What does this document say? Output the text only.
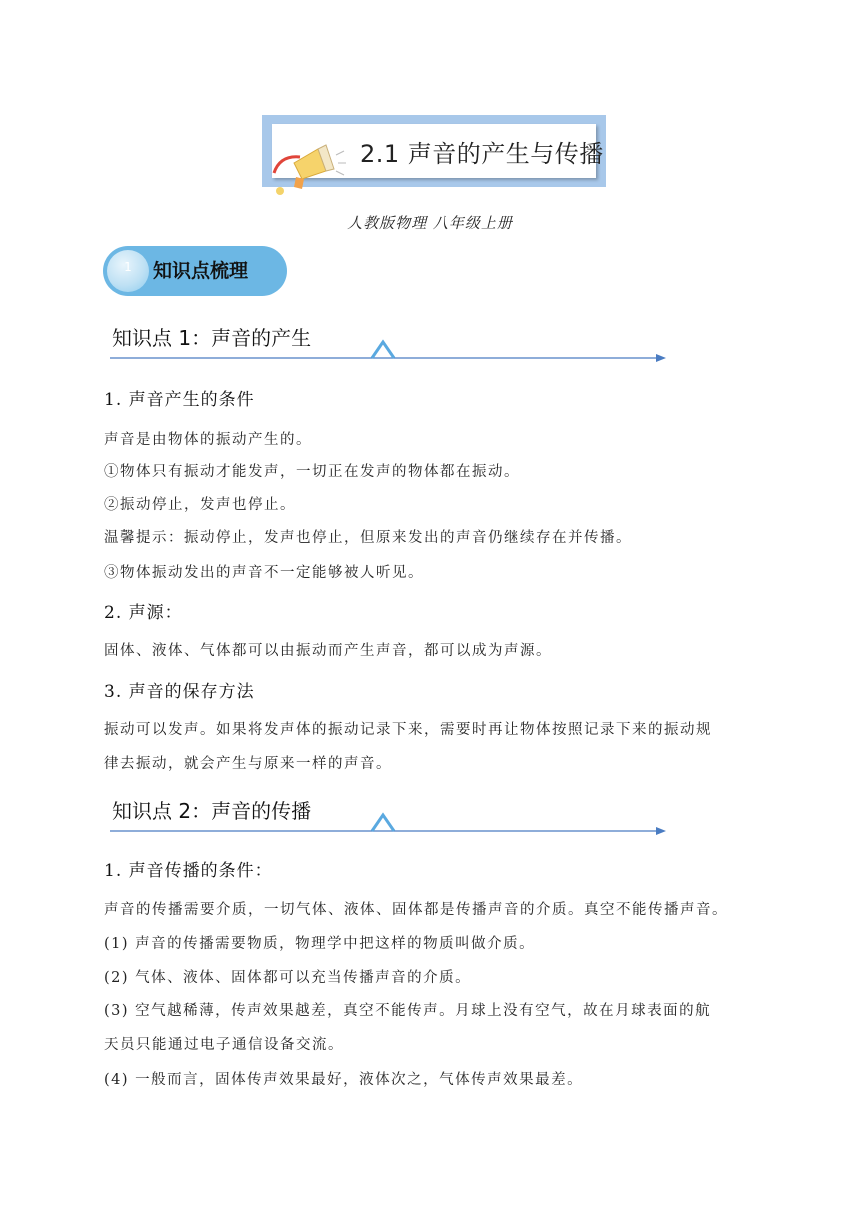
2.1 声音的产生与传播
人教版物理 八年级上册
1	知识点梳理
知识点 1：声音的产生
1. 声音产生的条件
声音是由物体的振动产生的。
①物体只有振动才能发声，一切正在发声的物体都在振动。
②振动停止，发声也停止。
温馨提示：振动停止，发声也停止，但原来发出的声音仍继续存在并传播。
③物体振动发出的声音不一定能够被人听见。
2. 声源：
固体、液体、气体都可以由振动而产生声音，都可以成为声源。
3. 声音的保存方法
振动可以发声。如果将发声体的振动记录下来，需要时再让物体按照记录下来的振动规
律去振动，就会产生与原来一样的声音。
知识点 2：声音的传播
1. 声音传播的条件：
声音的传播需要介质，一切气体、液体、固体都是传播声音的介质。真空不能传播声音。
(1) 声音的传播需要物质，物理学中把这样的物质叫做介质。
(2) 气体、液体、固体都可以充当传播声音的介质。
(3) 空气越稀薄，传声效果越差，真空不能传声。月球上没有空气，故在月球表面的航
天员只能通过电子通信设备交流。
(4) 一般而言，固体传声效果最好，液体次之，气体传声效果最差。
